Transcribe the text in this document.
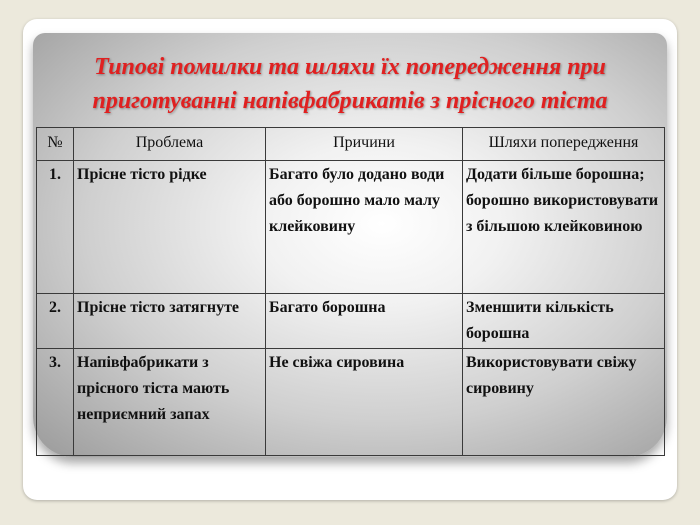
Типові помилки та шляхи їх попередження при
приготуванні напівфабрикатів з прісного тіста
№	Проблема	Причини	Шляхи попередження
1.	Прісне тісто рідке	Багато було додано води або борошно мало малу клейковину	Додати більше борошна; борошно використовувати з більшою клейковиною
2.	Прісне тісто затягнуте	Багато борошна	Зменшити кількість борошна
3.	Напівфабрикати з прісного тіста мають неприємний запах	Не свіжа сировина	Використовувати свіжу сировину
